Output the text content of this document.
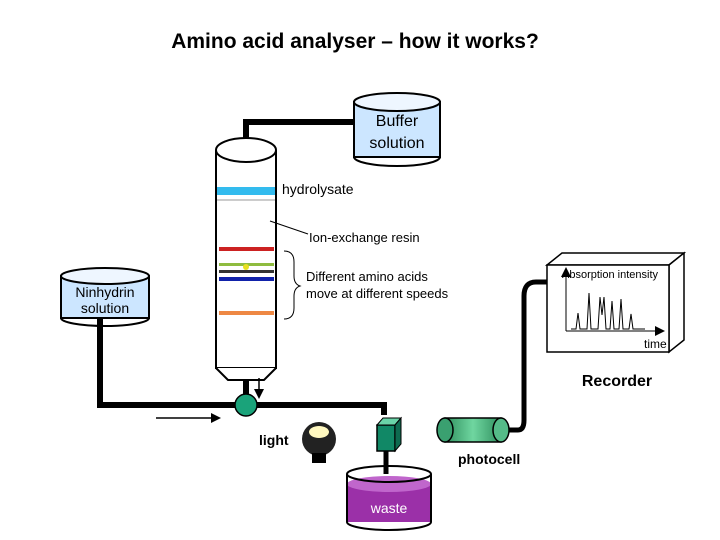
Amino acid analyser – how it works?
Buffer
solution
hydrolysate
Ion-exchange resin
Different amino acids
move at different speeds
Ninhydrin
solution
light
photocell
waste
Absorption intensity
time
Recorder
